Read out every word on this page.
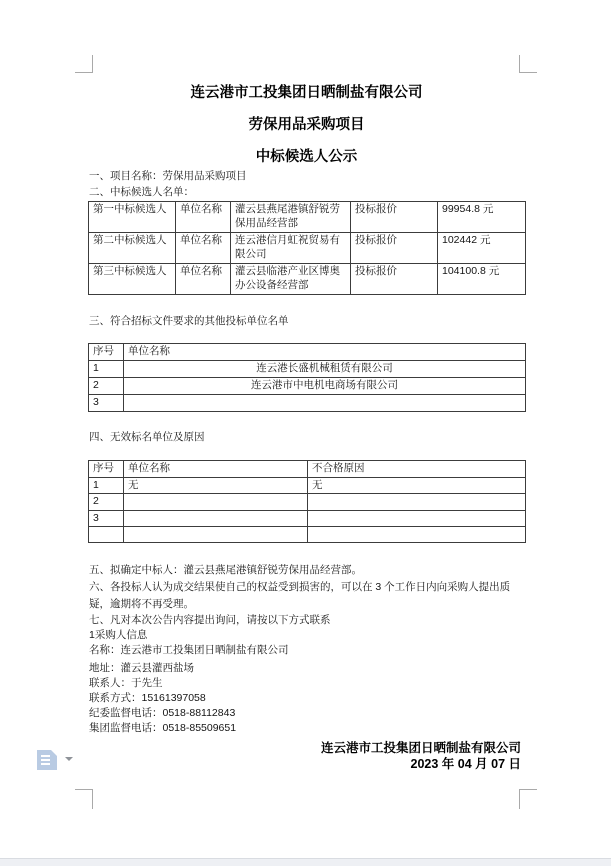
连云港市工投集团日晒制盐有限公司
劳保用品采购项目
中标候选人公示
一、项目名称：劳保用品采购项目
二、中标候选人名单：
第一中标候选人	单位名称	灌云县燕尾港镇舒锐劳保用品经营部	投标报价	99954.8 元
第二中标候选人	单位名称	连云港信月虹祝贸易有限公司	投标报价	102442 元
第三中标候选人	单位名称	灌云县临港产业区博奥办公设备经营部	投标报价	104100.8 元
三、符合招标文件要求的其他投标单位名单
序号	单位名称
1	连云港长盛机械租赁有限公司
2	连云港市中电机电商场有限公司
3	
四、无效标名单位及原因
序号	单位名称	不合格原因
1	无	无
2		
3		

五、拟确定中标人：灌云县燕尾港镇舒锐劳保用品经营部。
六、各投标人认为成交结果使自己的权益受到损害的，可以在 3 个工作日内向采购人提出质
疑，逾期将不再受理。
七、凡对本次公告内容提出询问，请按以下方式联系
1采购人信息
名称：连云港市工投集团日晒制盐有限公司
地址：灌云县灌西盐场
联系人：于先生
联系方式：15161397058
纪委监督电话：0518-88112843
集团监督电话：0518-85509651
连云港市工投集团日晒制盐有限公司
2023 年 04 月 07 日
